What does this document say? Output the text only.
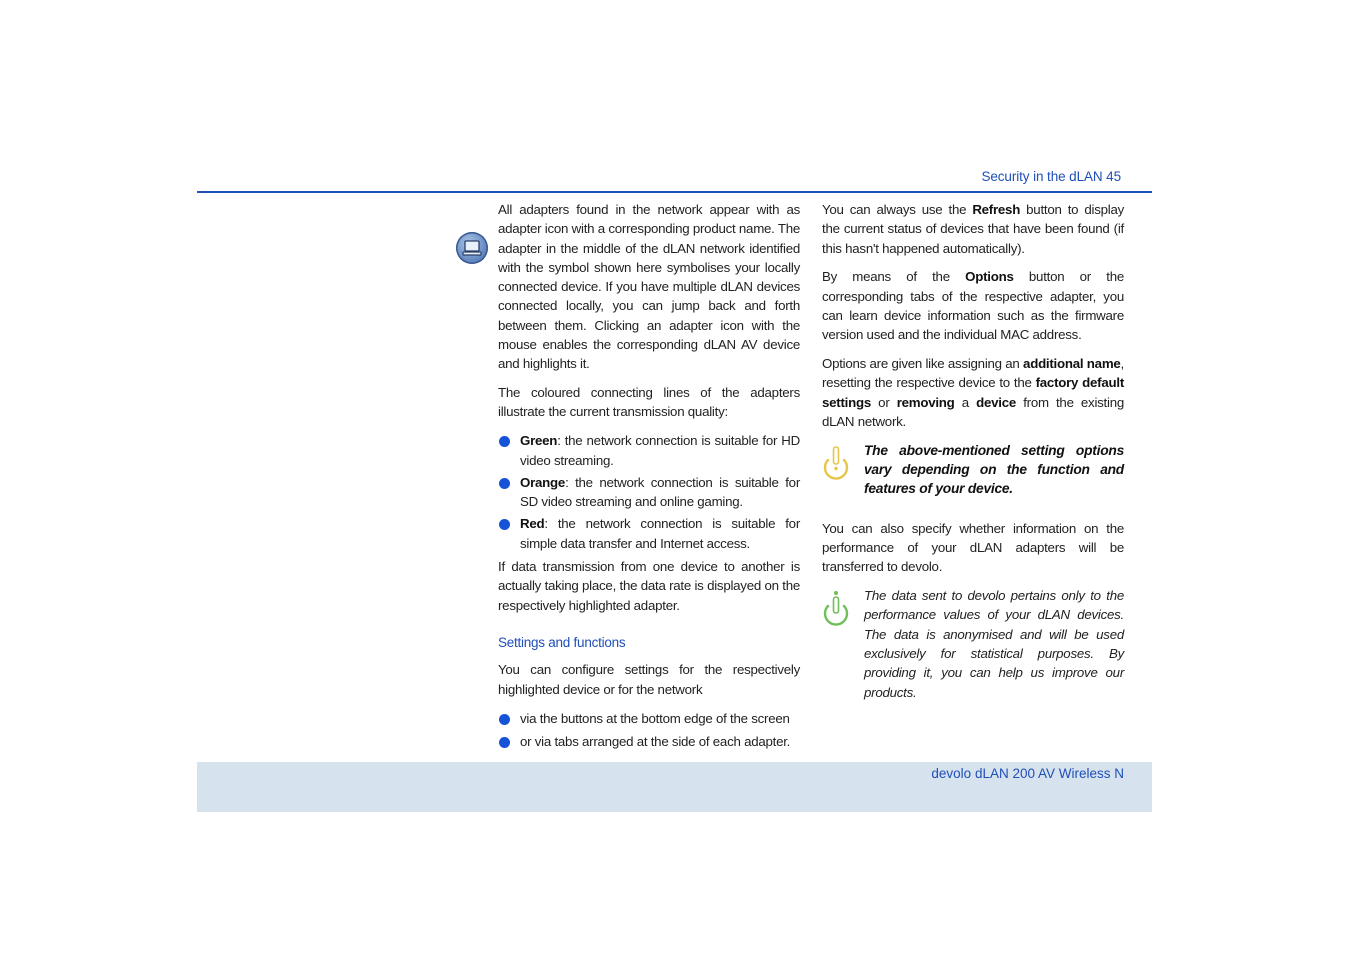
Security in the dLAN 45

All adapters found in the network appear with as adapter icon with a corresponding product name. The adapter in the middle of the dLAN network identified with the symbol shown here symbolises your locally connected device. If you have multiple dLAN devices connected locally, you can jump back and forth between them. Clicking an adapter icon with the mouse enables the corresponding dLAN AV device and highlights it.

The coloured connecting lines of the adapters illustrate the current transmission quality:

Green: the network connection is suitable for HD video streaming.
Orange: the network connection is suitable for SD video streaming and online gaming.
Red: the network connection is suitable for simple data transfer and Internet access.

If data transmission from one device to another is actually taking place, the data rate is displayed on the respectively highlighted adapter.

Settings and functions

You can configure settings for the respectively highlighted device or for the network

via the buttons at the bottom edge of the screen
or via tabs arranged at the side of each adapter.

You can always use the Refresh button to display the current status of devices that have been found (if this hasn't happened automatically).

By means of the Options button or the corresponding tabs of the respective adapter, you can learn device information such as the firmware version used and the individual MAC address.

Options are given like assigning an additional name, resetting the respective device to the factory default settings or removing a device from the existing dLAN network.

The above-mentioned setting options vary depending on the function and features of your device.

You can also specify whether information on the performance of your dLAN adapters will be transferred to devolo.

The data sent to devolo pertains only to the performance values of your dLAN devices. The data is anonymised and will be used exclusively for statistical purposes. By providing it, you can help us improve our products.
devolo dLAN 200 AV Wireless N
